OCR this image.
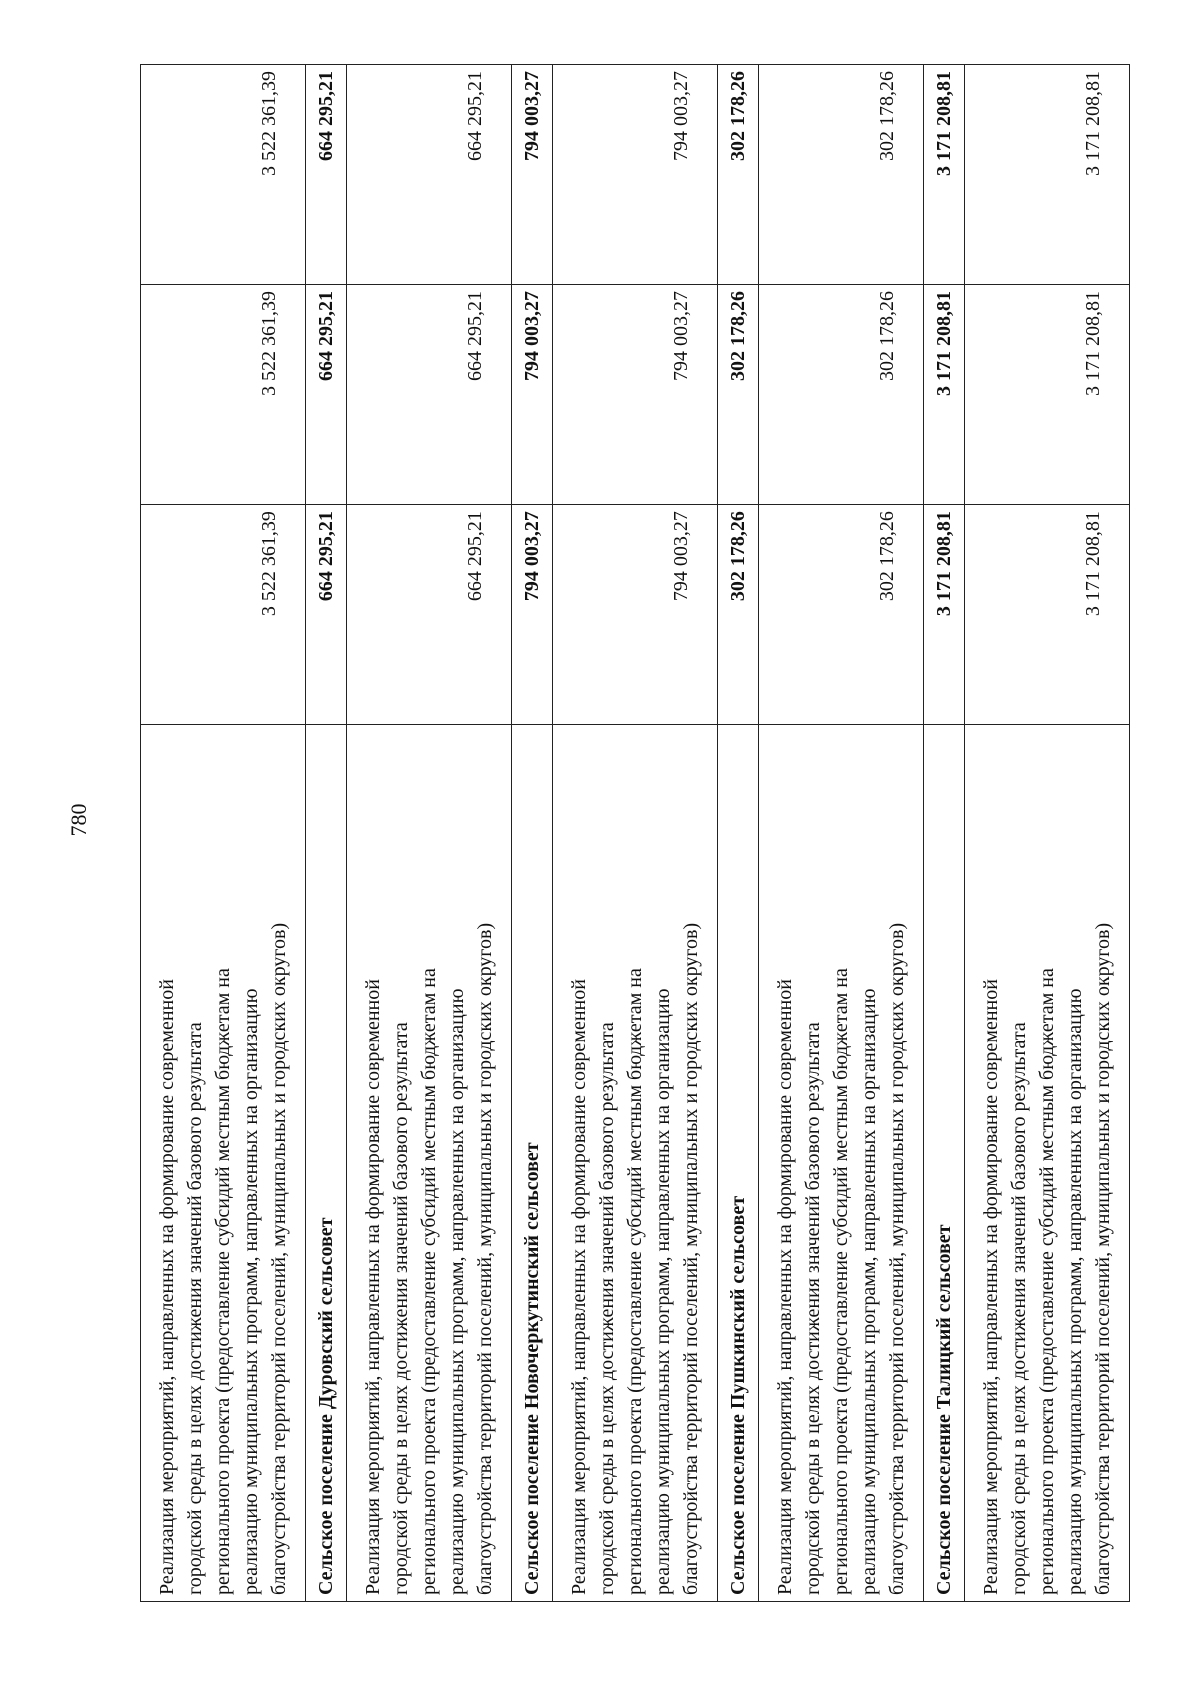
780
Реализация мероприятий, направленных на формирование современной городской среды в целях достижения значений базового результата регионального проекта (предоставление субсидий местным бюджетам на реализацию муниципальных программ, направленных на организацию благоустройства территорий поселений, муниципальных и городских округов)	3 522 361,39	3 522 361,39	3 522 361,39
Сельское поселение Дуровский сельсовет	664 295,21	664 295,21	664 295,21

Реализация мероприятий, направленных на формирование современной городской среды в целях достижения значений базового результата регионального проекта (предоставление субсидий местным бюджетам на реализацию муниципальных программ, направленных на организацию благоустройства территорий поселений, муниципальных и городских округов)	664 295,21	664 295,21	664 295,21
Сельское поселение Новочеркутинский сельсовет	794 003,27	794 003,27	794 003,27

Реализация мероприятий, направленных на формирование современной городской среды в целях достижения значений базового результата регионального проекта (предоставление субсидий местным бюджетам на реализацию муниципальных программ, направленных на организацию благоустройства территорий поселений, муниципальных и городских округов)	794 003,27	794 003,27	794 003,27
Сельское поселение Пушкинский сельсовет	302 178,26	302 178,26	302 178,26

Реализация мероприятий, направленных на формирование современной городской среды в целях достижения значений базового результата регионального проекта (предоставление субсидий местным бюджетам на реализацию муниципальных программ, направленных на организацию благоустройства территорий поселений, муниципальных и городских округов)	302 178,26	302 178,26	302 178,26
Сельское поселение Талицкий сельсовет	3 171 208,81	3 171 208,81	3 171 208,81

Реализация мероприятий, направленных на формирование современной городской среды в целях достижения значений базового результата регионального проекта (предоставление субсидий местным бюджетам на реализацию муниципальных программ, направленных на организацию благоустройства территорий поселений, муниципальных и городских округов)	3 171 208,81	3 171 208,81	3 171 208,81
